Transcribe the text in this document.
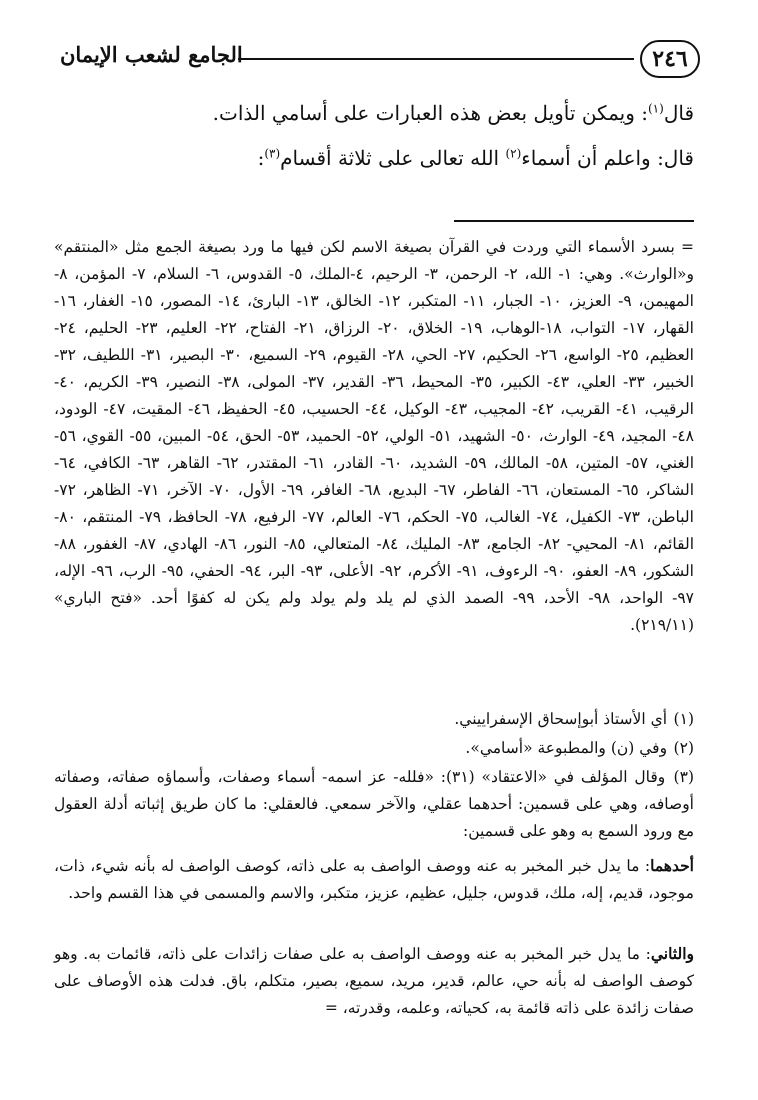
٢٤٦
الجامع لشعب الإيمان
قال$^{(١)}$: ويمكن تأويل بعض هذه العبارات على أسامي الذات.
قال: واعلم أن أسماء$^{(٢)}$ الله تعالى على ثلاثة أقسام$^{(٣)}$:
= بسرد الأسماء التي وردت في القرآن بصيغة الاسم لكن فيها ما ورد بصيغة الجمع مثل «المنتقم» و«الوارث». وهي: ١- الله، ٢- الرحمن، ٣- الرحيم، ٤-الملك، ٥- القدوس، ٦- السلام، ٧- المؤمن، ٨- المهيمن، ٩- العزيز، ١٠- الجبار، ١١- المتكبر، ١٢- الخالق، ١٣- البارئ، ١٤- المصور، ١٥- الغفار، ١٦- القهار، ١٧- التواب، ١٨-الوهاب، ١٩- الخلاق، ٢٠- الرزاق، ٢١- الفتاح، ٢٢- العليم، ٢٣- الحليم، ٢٤- العظيم، ٢٥- الواسع، ٢٦- الحكيم، ٢٧- الحي، ٢٨- القيوم، ٢٩- السميع، ٣٠- البصير، ٣١- اللطيف، ٣٢- الخبير، ٣٣- العلي، ٤٣- الكبير، ٣٥- المحيط، ٣٦- القدير، ٣٧- المولى، ٣٨- النصير، ٣٩- الكريم، ٤٠- الرقيب، ٤١- القريب، ٤٢- المجيب، ٤٣- الوكيل، ٤٤- الحسيب، ٤٥- الحفيظ، ٤٦- المقيت، ٤٧- الودود، ٤٨- المجيد، ٤٩- الوارث، ٥٠- الشهيد، ٥١- الولي، ٥٢- الحميد، ٥٣- الحق، ٥٤- المبين، ٥٥- القوي، ٥٦- الغني، ٥٧- المتين، ٥٨- المالك، ٥٩- الشديد، ٦٠- القادر، ٦١- المقتدر، ٦٢- القاهر، ٦٣- الكافي، ٦٤- الشاكر، ٦٥- المستعان، ٦٦- الفاطر، ٦٧- البديع، ٦٨- الغافر، ٦٩- الأول، ٧٠- الآخر، ٧١- الظاهر، ٧٢- الباطن، ٧٣- الكفيل، ٧٤- الغالب، ٧٥- الحكم، ٧٦- العالم، ٧٧- الرفيع، ٧٨- الحافظ، ٧٩- المنتقم، ٨٠- القائم، ٨١- المحيي- ٨٢- الجامع، ٨٣- المليك، ٨٤- المتعالي، ٨٥- النور، ٨٦- الهادي، ٨٧- الغفور، ٨٨- الشكور، ٨٩- العفو، ٩٠- الرءوف، ٩١- الأكرم، ٩٢- الأعلى، ٩٣- البر، ٩٤- الحفي، ٩٥- الرب، ٩٦- الإله، ٩٧- الواحد، ٩٨- الأحد، ٩٩- الصمد الذي لم يلد ولم يولد ولم يكن له كفوًا أحد. «فتح الباري» (٢١٩/١١).
(١) أي الأستاذ أبوإسحاق الإسفراييني.
(٢) وفي (ن) والمطبوعة «أسامي».
(٣) وقال المؤلف في «الاعتقاد» (٣١): «فلله- عز اسمه- أسماء وصفات، وأسماؤه صفاته، وصفاته أوصافه، وهي على قسمين: أحدهما عقلي، والآخر سمعي. فالعقلي: ما كان طريق إثباته أدلة العقول مع ورود السمع به وهو على قسمين:
أحدهما: ما يدل خبر المخبر به عنه ووصف الواصف به على ذاته، كوصف الواصف له بأنه شيء، ذات، موجود، قديم، إله، ملك، قدوس، جليل، عظيم، عزيز، متكبر، والاسم والمسمى في هذا القسم واحد.
والثاني: ما يدل خبر المخبر به عنه ووصف الواصف به على صفات زائدات على ذاته، قائمات به. وهو كوصف الواصف له بأنه حي، عالم، قدير، مريد، سميع، بصير، متكلم، باق. فدلت هذه الأوصاف على صفات زائدة على ذاته قائمة به، كحياته، وعلمه، وقدرته، =
